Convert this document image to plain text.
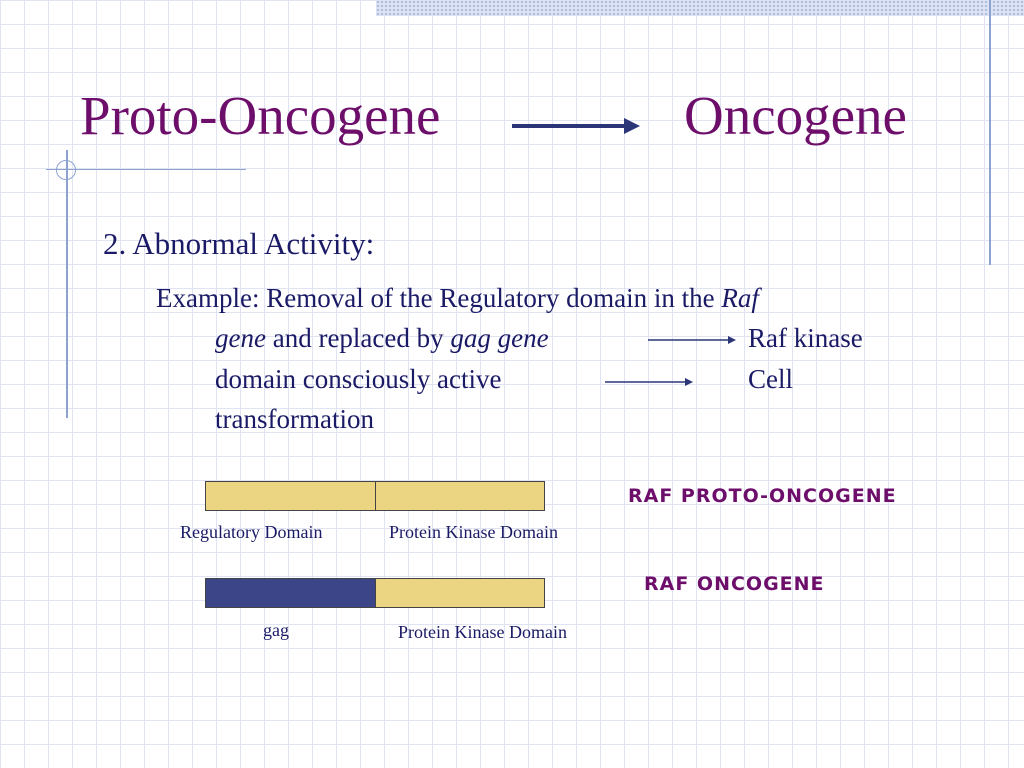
Proto-Oncogene	Oncogene
2. Abnormal Activity:
Example: Removal of the Regulatory domain in the Raf
gene and replaced by gag gene	Raf kinase
domain consciously active	Cell
transformation
Regulatory Domain	Protein Kinase Domain
RAF PROTO-ONCOGENE
gag	Protein Kinase Domain
RAF ONCOGENE
